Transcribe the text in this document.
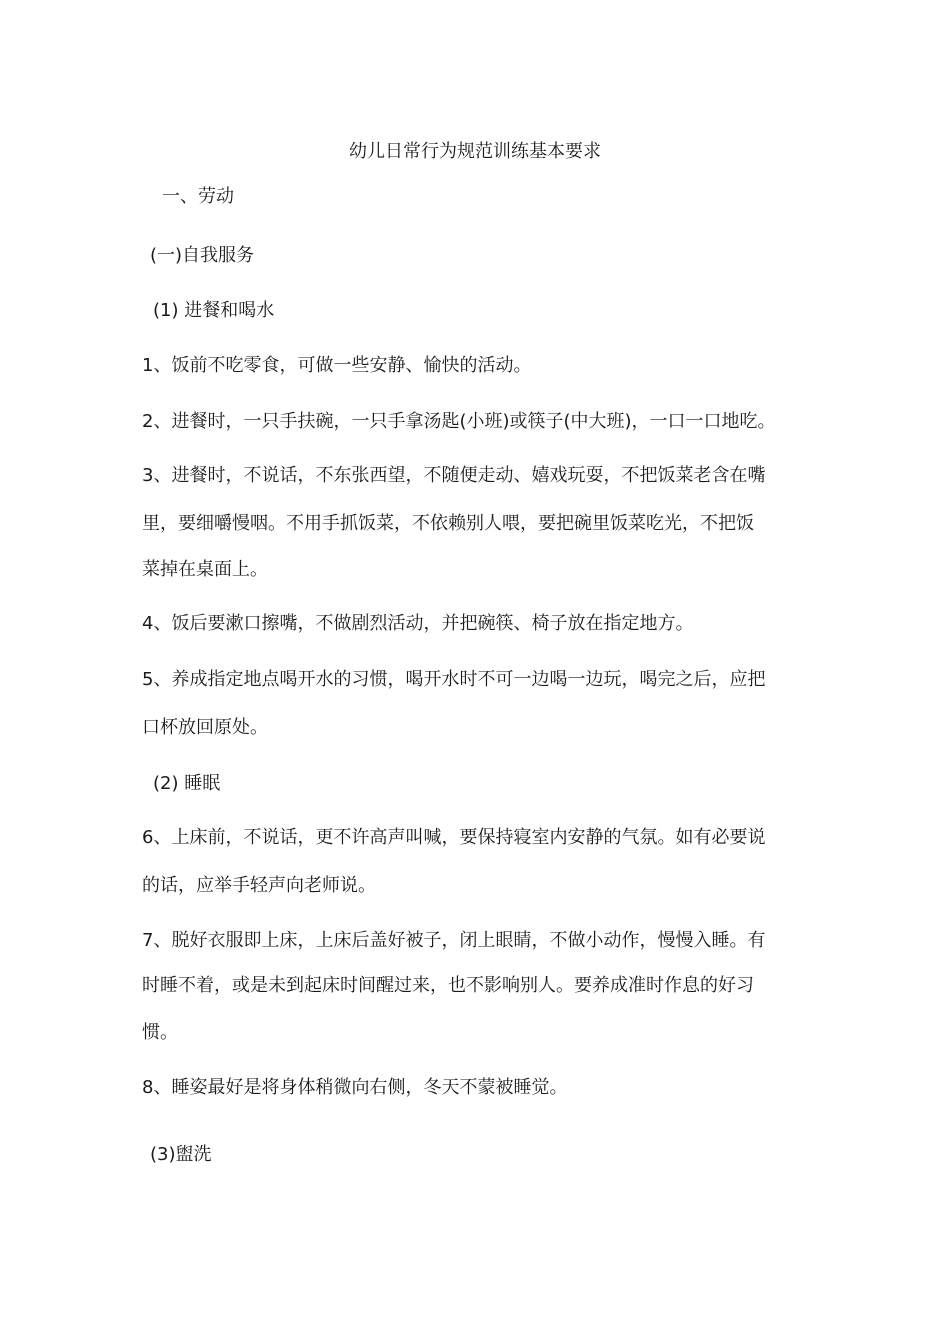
幼儿日常行为规范训练基本要求
一、劳动
(一)自我服务
(1) 进餐和喝水
1、饭前不吃零食，可做一些安静、愉快的活动。
2、进餐时，一只手扶碗，一只手拿汤匙(小班)或筷子(中大班)，一口一口地吃。
3、进餐时，不说话，不东张西望，不随便走动、嬉戏玩耍，不把饭菜老含在嘴
里，要细嚼慢咽。不用手抓饭菜，不依赖别人喂，要把碗里饭菜吃光，不把饭
菜掉在桌面上。
4、饭后要漱口擦嘴，不做剧烈活动，并把碗筷、椅子放在指定地方。
5、养成指定地点喝开水的习惯，喝开水时不可一边喝一边玩，喝完之后，应把
口杯放回原处。
(2) 睡眠
6、上床前，不说话，更不许高声叫喊，要保持寝室内安静的气氛。如有必要说
的话，应举手轻声向老师说。
7、脱好衣服即上床，上床后盖好被子，闭上眼睛，不做小动作，慢慢入睡。有
时睡不着，或是未到起床时间醒过来，也不影响别人。要养成准时作息的好习
惯。
8、睡姿最好是将身体稍微向右侧，冬天不蒙被睡觉。
(3)盥洗
